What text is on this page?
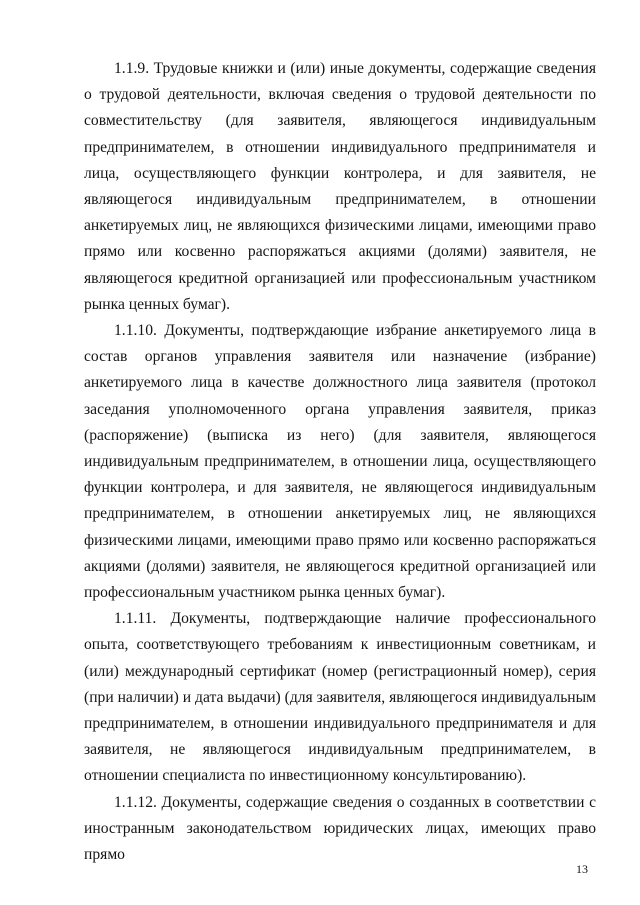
1.1.9. Трудовые книжки и (или) иные документы, содержащие сведения о трудовой деятельности, включая сведения о трудовой деятельности по совместительству (для заявителя, являющегося индивидуальным предпринимателем, в отношении индивидуального предпринимателя и лица, осуществляющего функции контролера, и для заявителя, не являющегося индивидуальным предпринимателем, в отношении анкетируемых лиц, не являющихся физическими лицами, имеющими право прямо или косвенно распоряжаться акциями (долями) заявителя, не являющегося кредитной организацией или профессиональным участником рынка ценных бумаг).

1.1.10. Документы, подтверждающие избрание анкетируемого лица в состав органов управления заявителя или назначение (избрание) анкетируемого лица в качестве должностного лица заявителя (протокол заседания уполномоченного органа управления заявителя, приказ (распоряжение) (выписка из него) (для заявителя, являющегося индивидуальным предпринимателем, в отношении лица, осуществляющего функции контролера, и для заявителя, не являющегося индивидуальным предпринимателем, в отношении анкетируемых лиц, не являющихся физическими лицами, имеющими право прямо или косвенно распоряжаться акциями (долями) заявителя, не являющегося кредитной организацией или профессиональным участником рынка ценных бумаг).

1.1.11. Документы, подтверждающие наличие профессионального опыта, соответствующего требованиям к инвестиционным советникам, и (или) международный сертификат (номер (регистрационный номер), серия (при наличии) и дата выдачи) (для заявителя, являющегося индивидуальным предпринимателем, в отношении индивидуального предпринимателя и для заявителя, не являющегося индивидуальным предпринимателем, в отношении специалиста по инвестиционному консультированию).

1.1.12. Документы, содержащие сведения о созданных в соответствии с иностранным законодательством юридических лицах, имеющих право прямо

13
